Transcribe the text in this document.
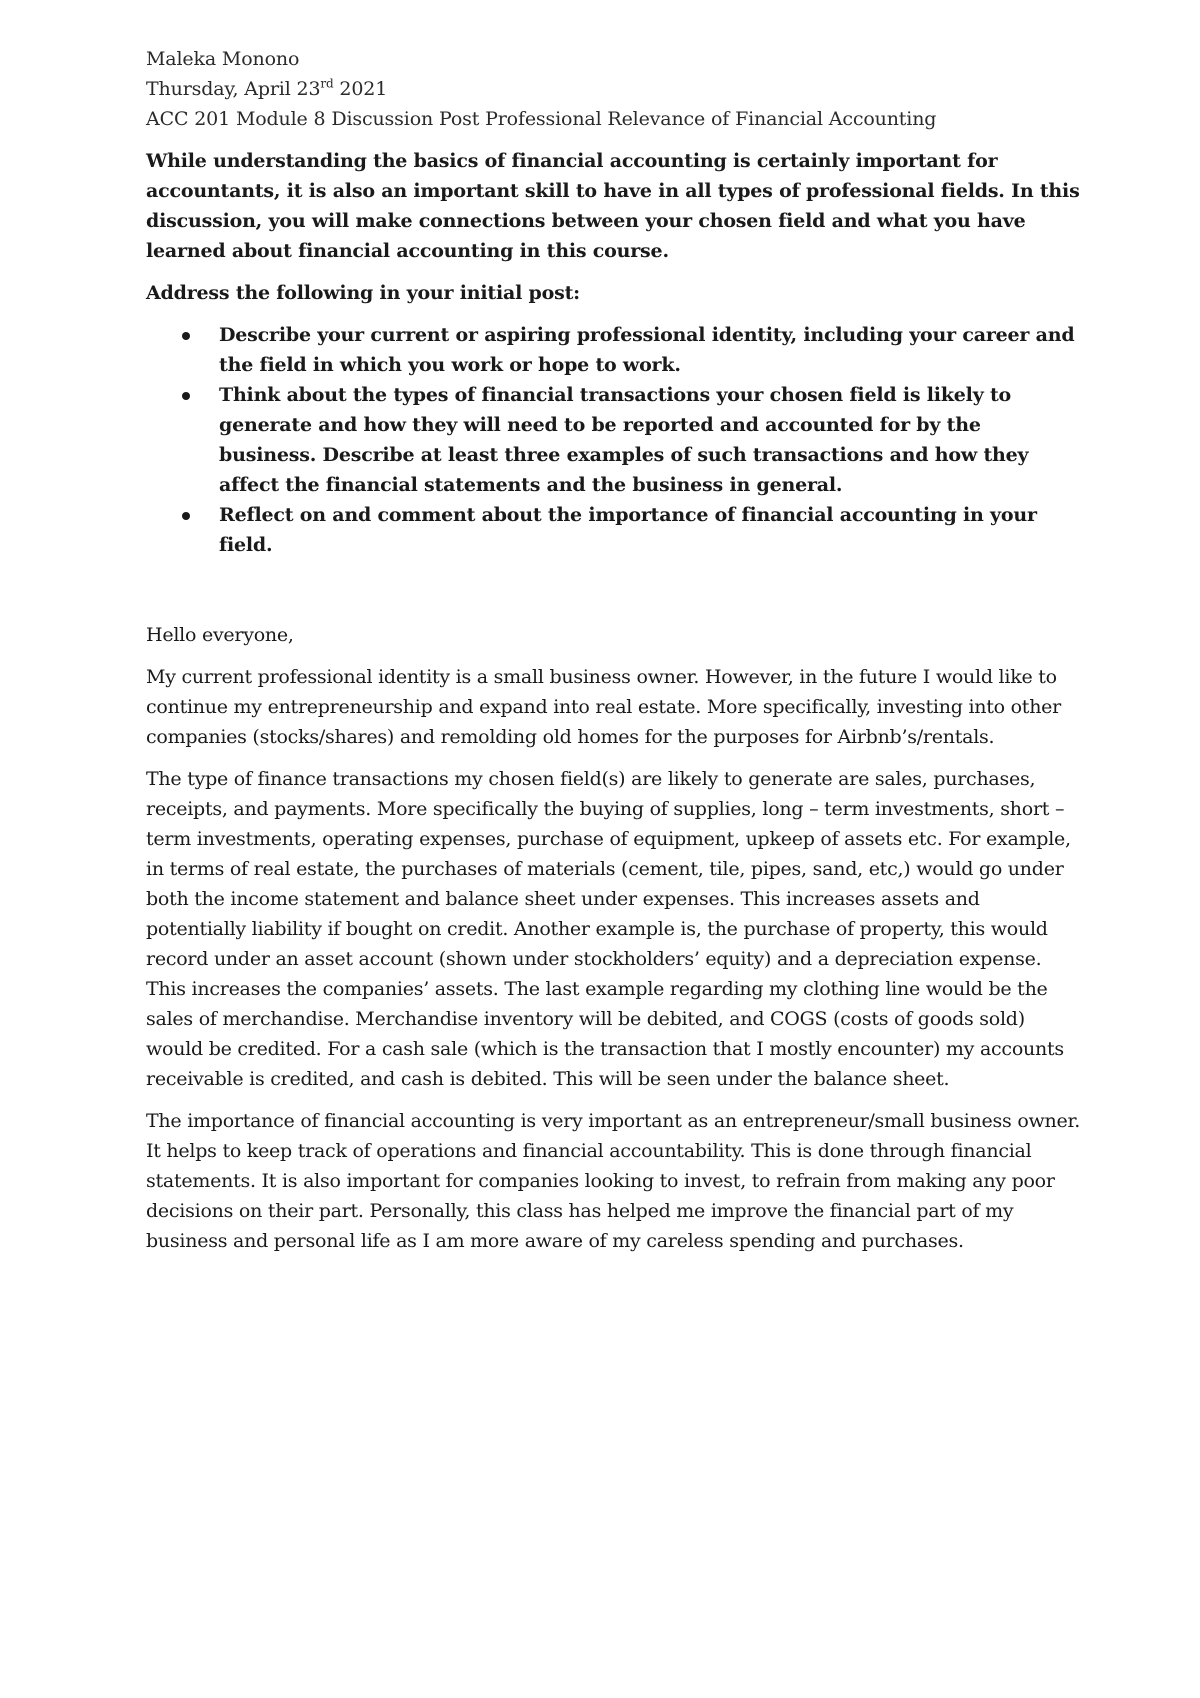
Maleka Monono

Thursday, April 23rd 2021

ACC 201 Module 8 Discussion Post Professional Relevance of Financial Accounting

While understanding the basics of financial accounting is certainly important for accountants, it is also an important skill to have in all types of professional fields. In this discussion, you will make connections between your chosen field and what you have learned about financial accounting in this course.

Address the following in your initial post:

Describe your current or aspiring professional identity, including your career and the field in which you work or hope to work.
Think about the types of financial transactions your chosen field is likely to generate and how they will need to be reported and accounted for by the business. Describe at least three examples of such transactions and how they affect the financial statements and the business in general.
Reflect on and comment about the importance of financial accounting in your field.

Hello everyone,

My current professional identity is a small business owner. However, in the future I would like to continue my entrepreneurship and expand into real estate. More specifically, investing into other companies (stocks/shares) and remolding old homes for the purposes for Airbnb’s/rentals.

The type of finance transactions my chosen field(s) are likely to generate are sales, purchases, receipts, and payments. More specifically the buying of supplies, long – term investments, short – term investments, operating expenses, purchase of equipment, upkeep of assets etc. For example, in terms of real estate, the purchases of materials (cement, tile, pipes, sand, etc,) would go under both the income statement and balance sheet under expenses. This increases assets and potentially liability if bought on credit. Another example is, the purchase of property, this would record under an asset account (shown under stockholders’ equity) and a depreciation expense. This increases the companies’ assets. The last example regarding my clothing line would be the sales of merchandise. Merchandise inventory will be debited, and COGS (costs of goods sold) would be credited. For a cash sale (which is the transaction that I mostly encounter) my accounts receivable is credited, and cash is debited. This will be seen under the balance sheet.

The importance of financial accounting is very important as an entrepreneur/small business owner. It helps to keep track of operations and financial accountability. This is done through financial statements. It is also important for companies looking to invest, to refrain from making any poor decisions on their part. Personally, this class has helped me improve the financial part of my business and personal life as I am more aware of my careless spending and purchases.
